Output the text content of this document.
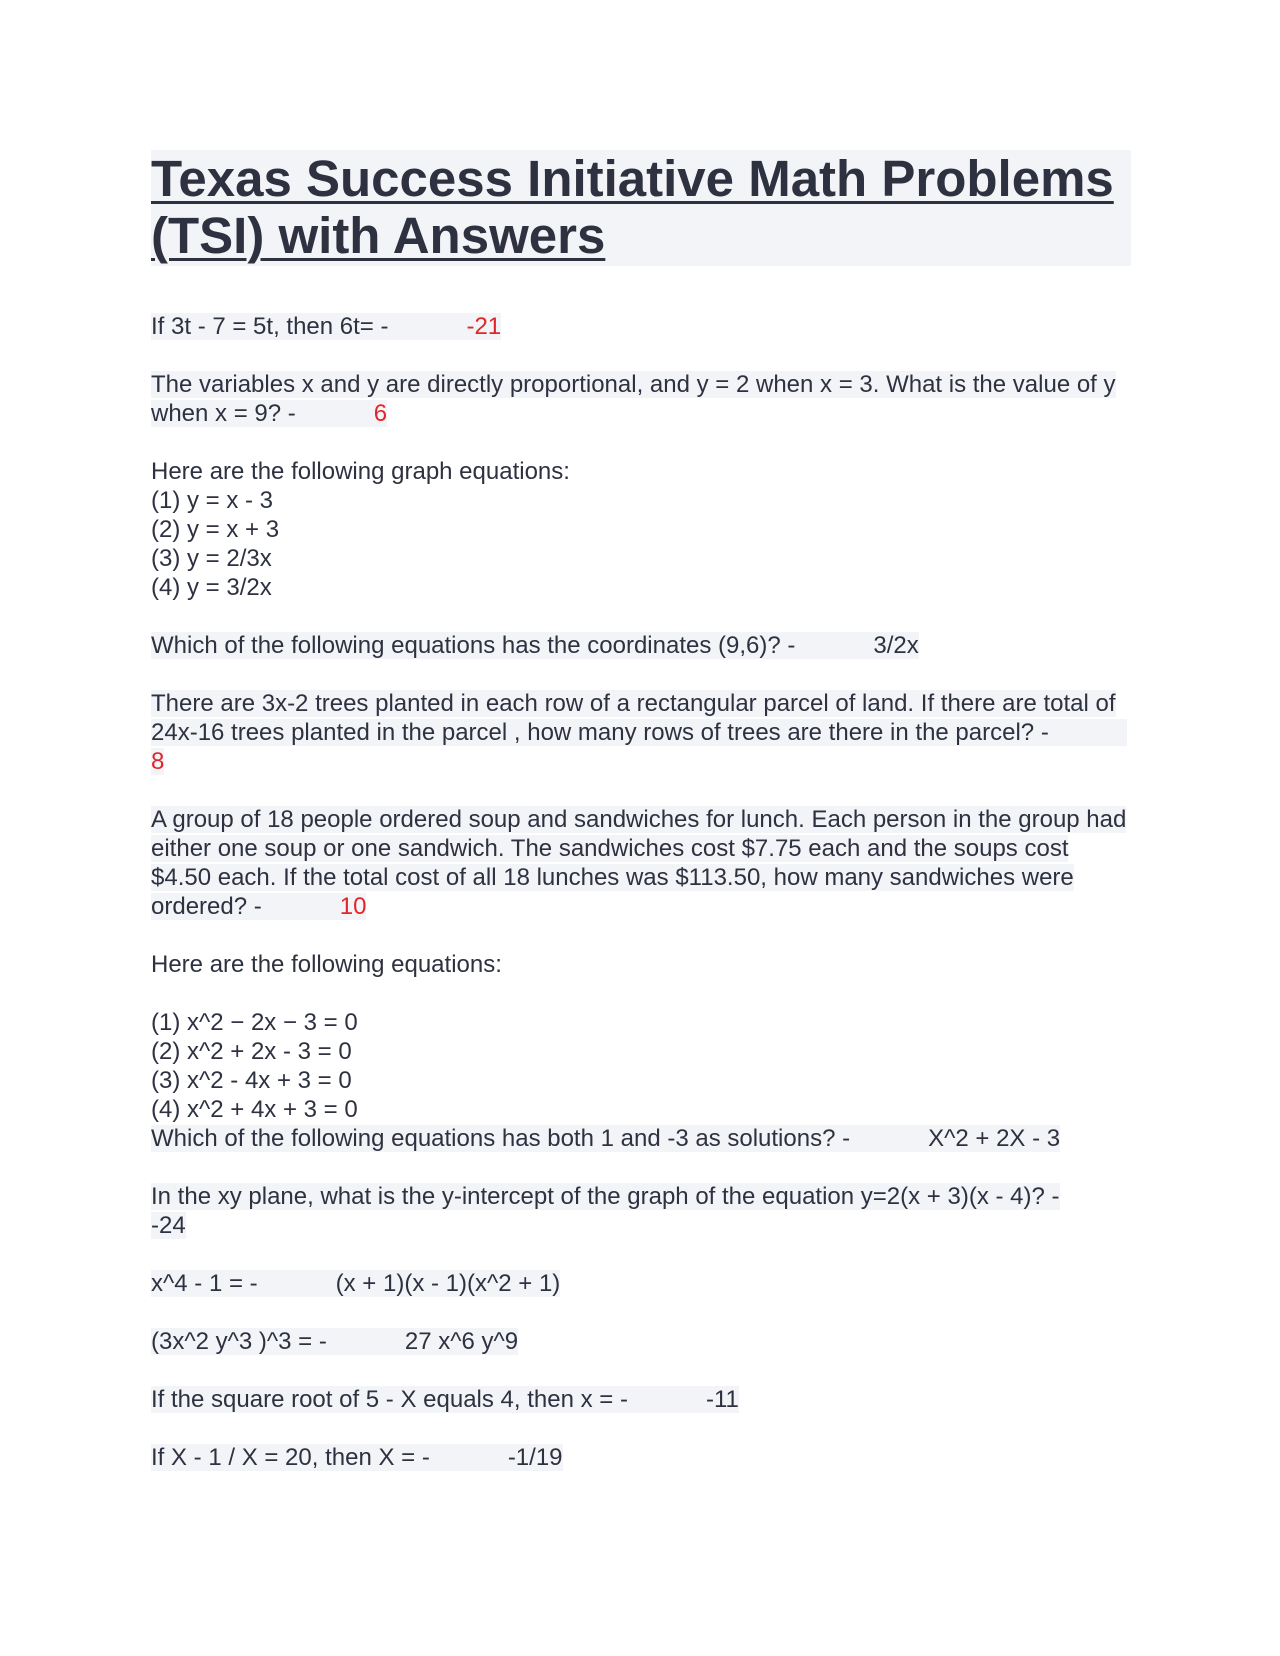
Texas Success Initiative Math Problems
(TSI) with Answers
If 3t - 7 = 5t, then 6t= -	-21
The variables x and y are directly proportional, and y = 2 when x = 3. What is the value of y when x = 9? -	6
Here are the following graph equations:
(1) y = x - 3
(2) y = x + 3
(3) y = 2/3x
(4) y = 3/2x
Which of the following equations has the coordinates (9,6)? -	3/2x
There are 3x-2 trees planted in each row of a rectangular parcel of land. If there are total of 24x-16 trees planted in the parcel , how many rows of trees are there in the parcel? -8
A group of 18 people ordered soup and sandwiches for lunch. Each person in the group had either one soup or one sandwich. The sandwiches cost $7.75 each and the soups cost $4.50 each. If the total cost of all 18 lunches was $113.50, how many sandwiches were ordered? -	10
Here are the following equations:
(1) x^2 − 2x − 3 = 0
(2) x^2 + 2x - 3 = 0
(3) x^2 - 4x + 3 = 0
(4) x^2 + 4x + 3 = 0
Which of the following equations has both 1 and -3 as solutions? -	X^2 + 2X - 3
In the xy plane, what is the y-intercept of the graph of the equation y=2(x + 3)(x - 4)? -
-24
x^4 - 1 = -	(x + 1)(x - 1)(x^2 + 1)
(3x^2 y^3 )^3 = -	27 x^6 y^9
If the square root of 5 - X equals 4, then x = -	-11
If X - 1 / X = 20, then X = -	-1/19
